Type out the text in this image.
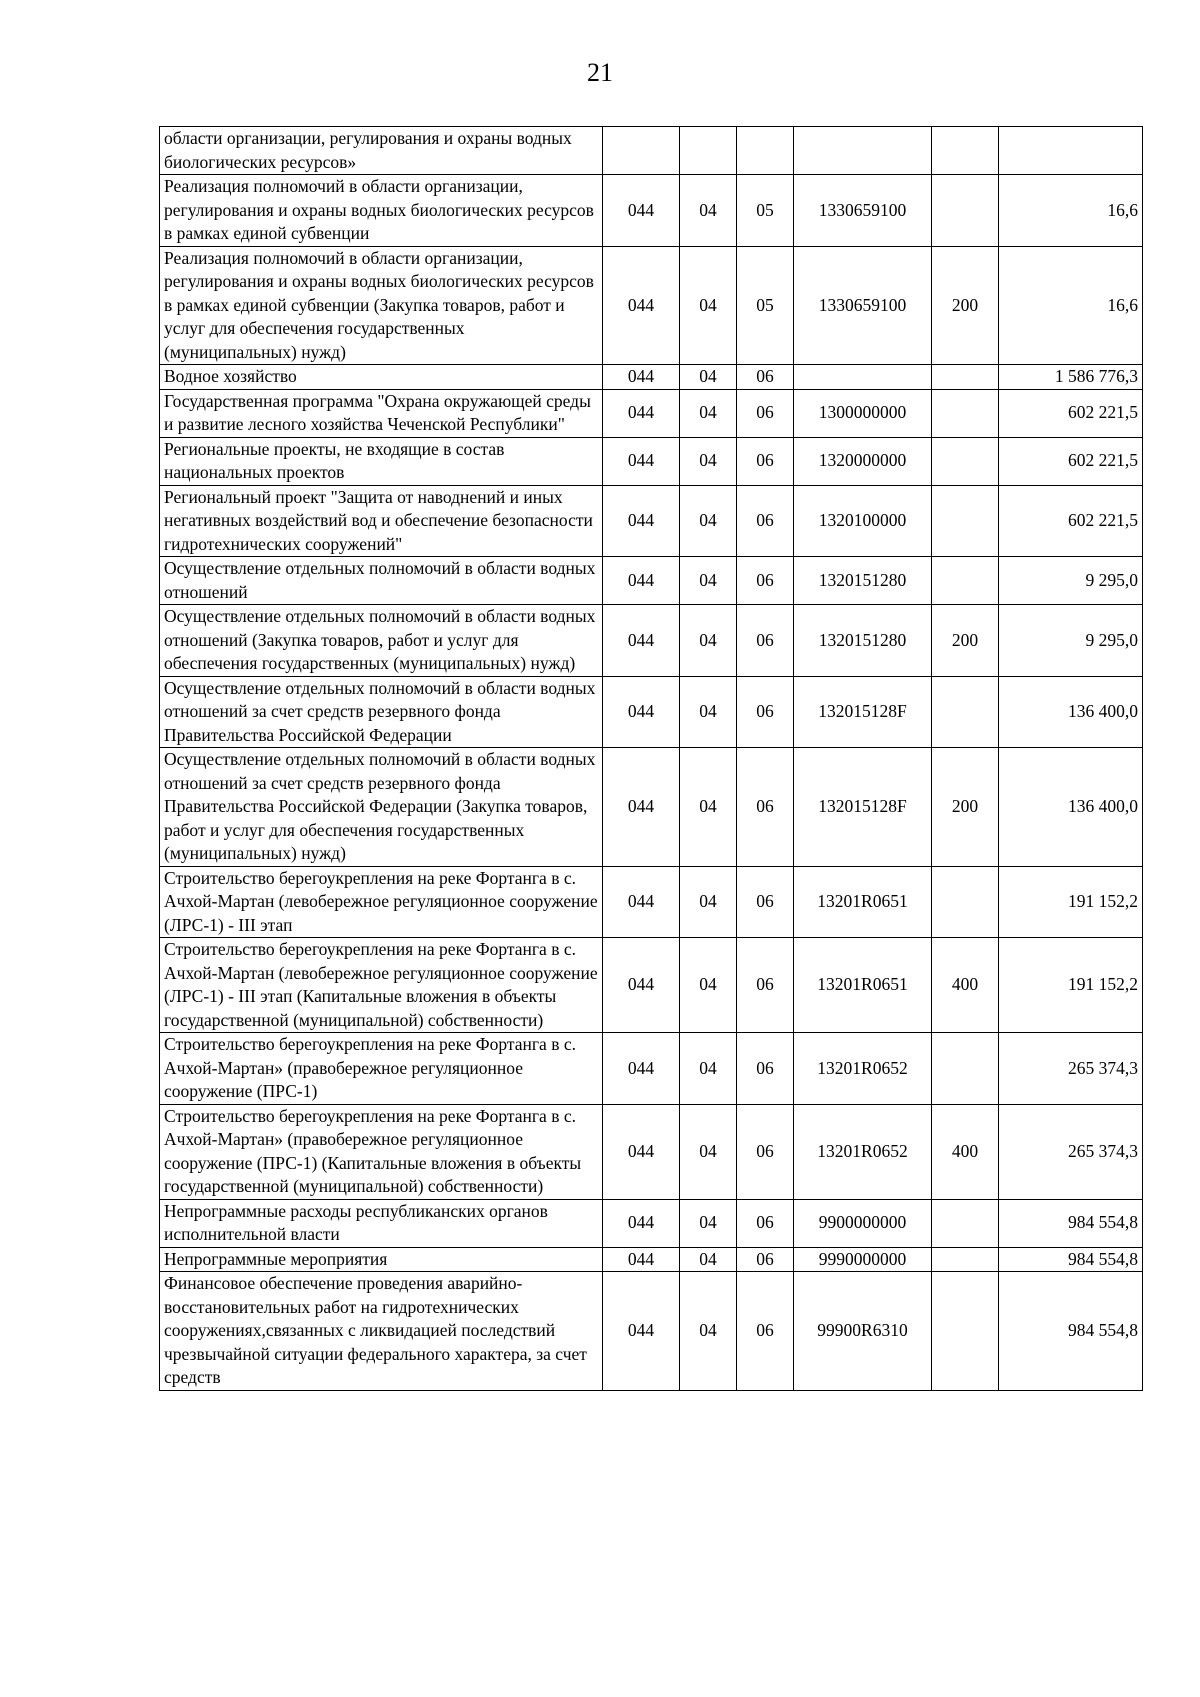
21
области организации, регулирования и охраны водных биологических ресурсов»						
Реализация полномочий в области организации, регулирования и охраны водных биологических ресурсов в рамках единой субвенции	044	04	05	1330659100		16,6
Реализация полномочий в области организации, регулирования и охраны водных биологических ресурсов в рамках единой субвенции (Закупка товаров, работ и услуг для обеспечения государственных (муниципальных) нужд)	044	04	05	1330659100	200	16,6
Водное хозяйство	044	04	06			1 586 776,3
Государственная программа "Охрана окружающей среды и развитие лесного хозяйства Чеченской Республики"	044	04	06	1300000000		602 221,5
Региональные проекты, не входящие в состав национальных проектов	044	04	06	1320000000		602 221,5
Региональный проект "Защита от наводнений и иных негативных воздействий вод и обеспечение безопасности гидротехнических сооружений"	044	04	06	1320100000		602 221,5
Осуществление отдельных полномочий в области водных отношений	044	04	06	1320151280		9 295,0
Осуществление отдельных полномочий в области водных отношений (Закупка товаров, работ и услуг для обеспечения государственных (муниципальных) нужд)	044	04	06	1320151280	200	9 295,0
Осуществление отдельных полномочий в области водных отношений за счет средств резервного фонда Правительства Российской Федерации	044	04	06	132015128F		136 400,0
Осуществление отдельных полномочий в области водных отношений за счет средств резервного фонда Правительства Российской Федерации (Закупка товаров, работ и услуг для обеспечения государственных (муниципальных) нужд)	044	04	06	132015128F	200	136 400,0
Строительство берегоукрепления на реке Фортанга в с. Ачхой-Мартан (левобережное регуляционное сооружение (ЛРС-1) - III этап	044	04	06	13201R0651		191 152,2
Строительство берегоукрепления на реке Фортанга в с. Ачхой-Мартан (левобережное регуляционное сооружение (ЛРС-1) - III этап (Капитальные вложения в объекты государственной (муниципальной) собственности)	044	04	06	13201R0651	400	191 152,2
Строительство берегоукрепления на реке Фортанга в с. Ачхой-Мартан» (правобережное регуляционное сооружение (ПРС-1)	044	04	06	13201R0652		265 374,3
Строительство берегоукрепления на реке Фортанга в с. Ачхой-Мартан» (правобережное регуляционное сооружение (ПРС-1) (Капитальные вложения в объекты государственной (муниципальной) собственности)	044	04	06	13201R0652	400	265 374,3
Непрограммные расходы республиканских органов исполнительной власти	044	04	06	9900000000		984 554,8
Непрограммные мероприятия	044	04	06	9990000000		984 554,8
Финансовое обеспечение проведения аварийно-восстановительных работ на гидротехнических сооружениях,связанных с ликвидацией последствий чрезвычайной ситуации федерального характера, за счет средств	044	04	06	99900R6310		984 554,8
